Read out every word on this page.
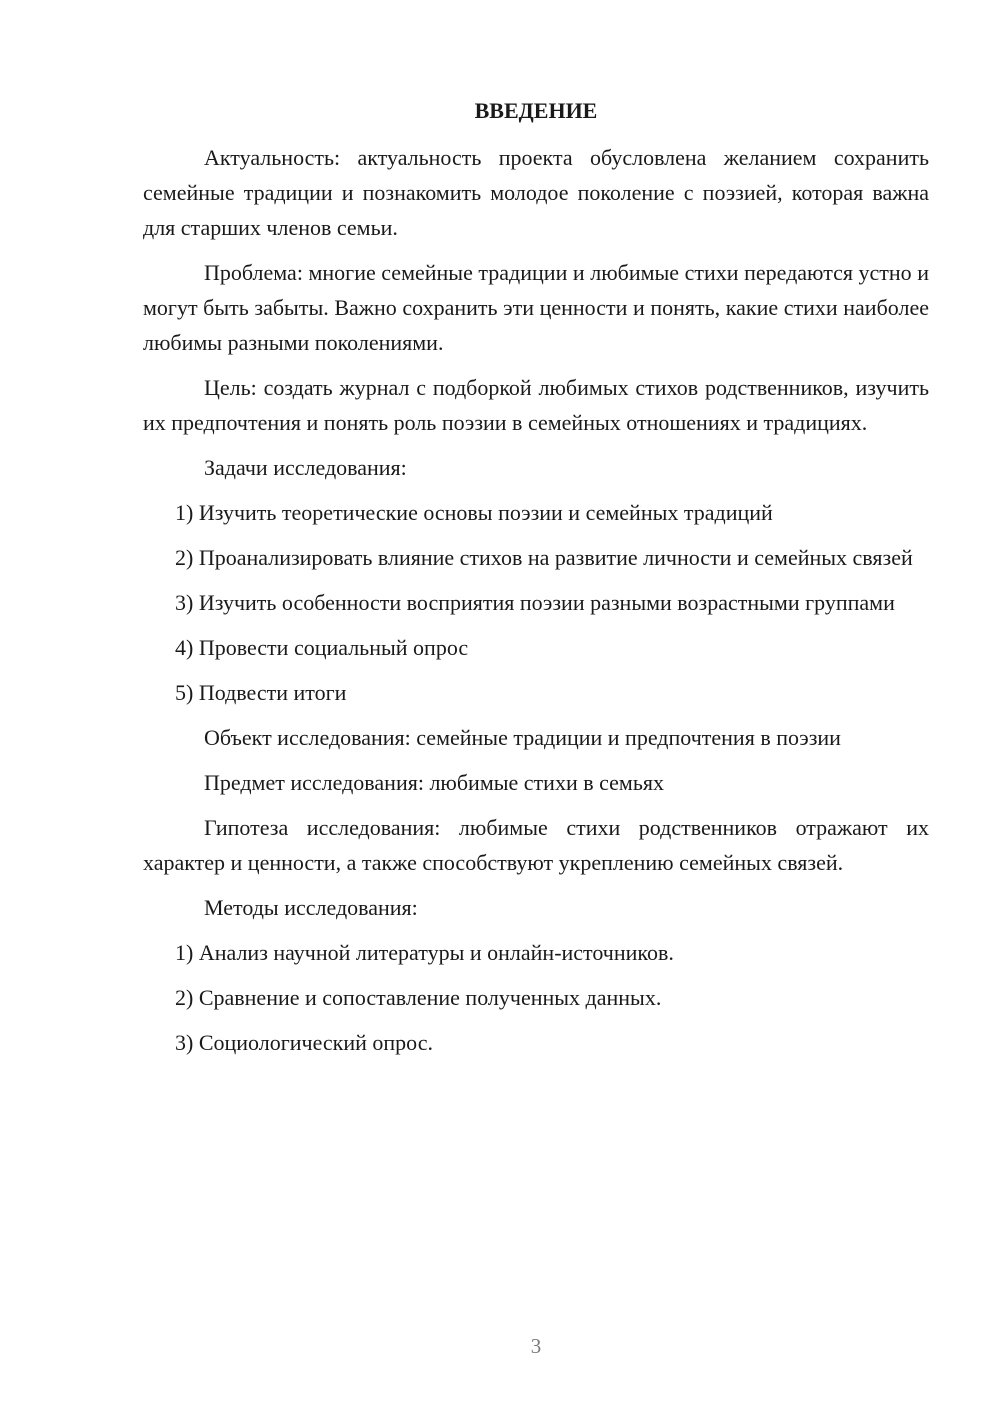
ВВЕДЕНИЕ

Актуальность: актуальность проекта обусловлена желанием сохранить семейные традиции и познакомить молодое поколение с поэзией, которая важна для старших членов семьи.

Проблема: многие семейные традиции и любимые стихи передаются устно и могут быть забыты. Важно сохранить эти ценности и понять, какие стихи наиболее любимы разными поколениями.

Цель: создать журнал с подборкой любимых стихов родственников, изучить их предпочтения и понять роль поэзии в семейных отношениях и традициях.

Задачи исследования:

1) Изучить теоретические основы поэзии и семейных традиций

2) Проанализировать влияние стихов на развитие личности и семейных связей

3) Изучить особенности восприятия поэзии разными возрастными группами

4) Провести социальный опрос

5) Подвести итоги

Объект исследования: семейные традиции и предпочтения в поэзии

Предмет исследования: любимые стихи в семьях

Гипотеза исследования: любимые стихи родственников отражают их характер и ценности, а также способствуют укреплению семейных связей.

Методы исследования:

1) Анализ научной литературы и онлайн-источников.

2) Сравнение и сопоставление полученных данных.

3) Социологический опрос.

3
